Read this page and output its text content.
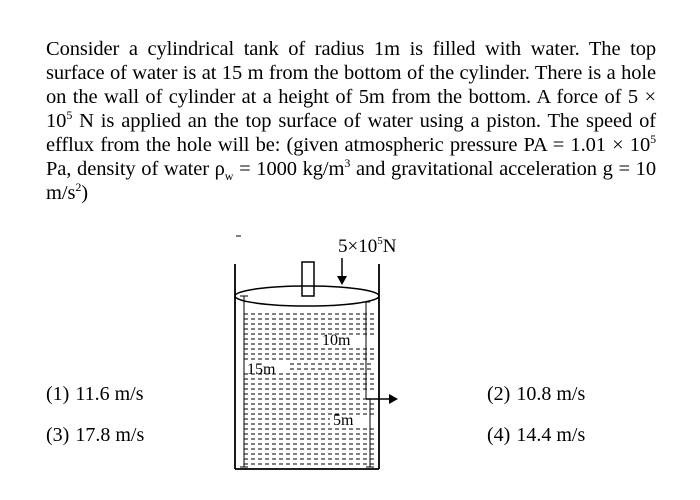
Consider a cylindrical tank of radius 1m is filled with water. The top surface of water is at 15 m from the bottom of the cylinder. There is a hole on the wall of cylinder at a height of 5m from the bottom. A force of $5 \times 10^5$ N is applied an the top surface of water using a piston. The speed of efflux from the hole will be: (given atmospheric pressure PA = $1.01 \times 10^5$ Pa, density of water $\rho_w = 1000$ $kg/m^3$ and gravitational acceleration g = 10 $m/s^2$)
$5\times 10^5N$
15m
10m
5m
(1) 11.6 m/s	(2) 10.8 m/s
(3) 17.8 m/s	(4) 14.4 m/s
